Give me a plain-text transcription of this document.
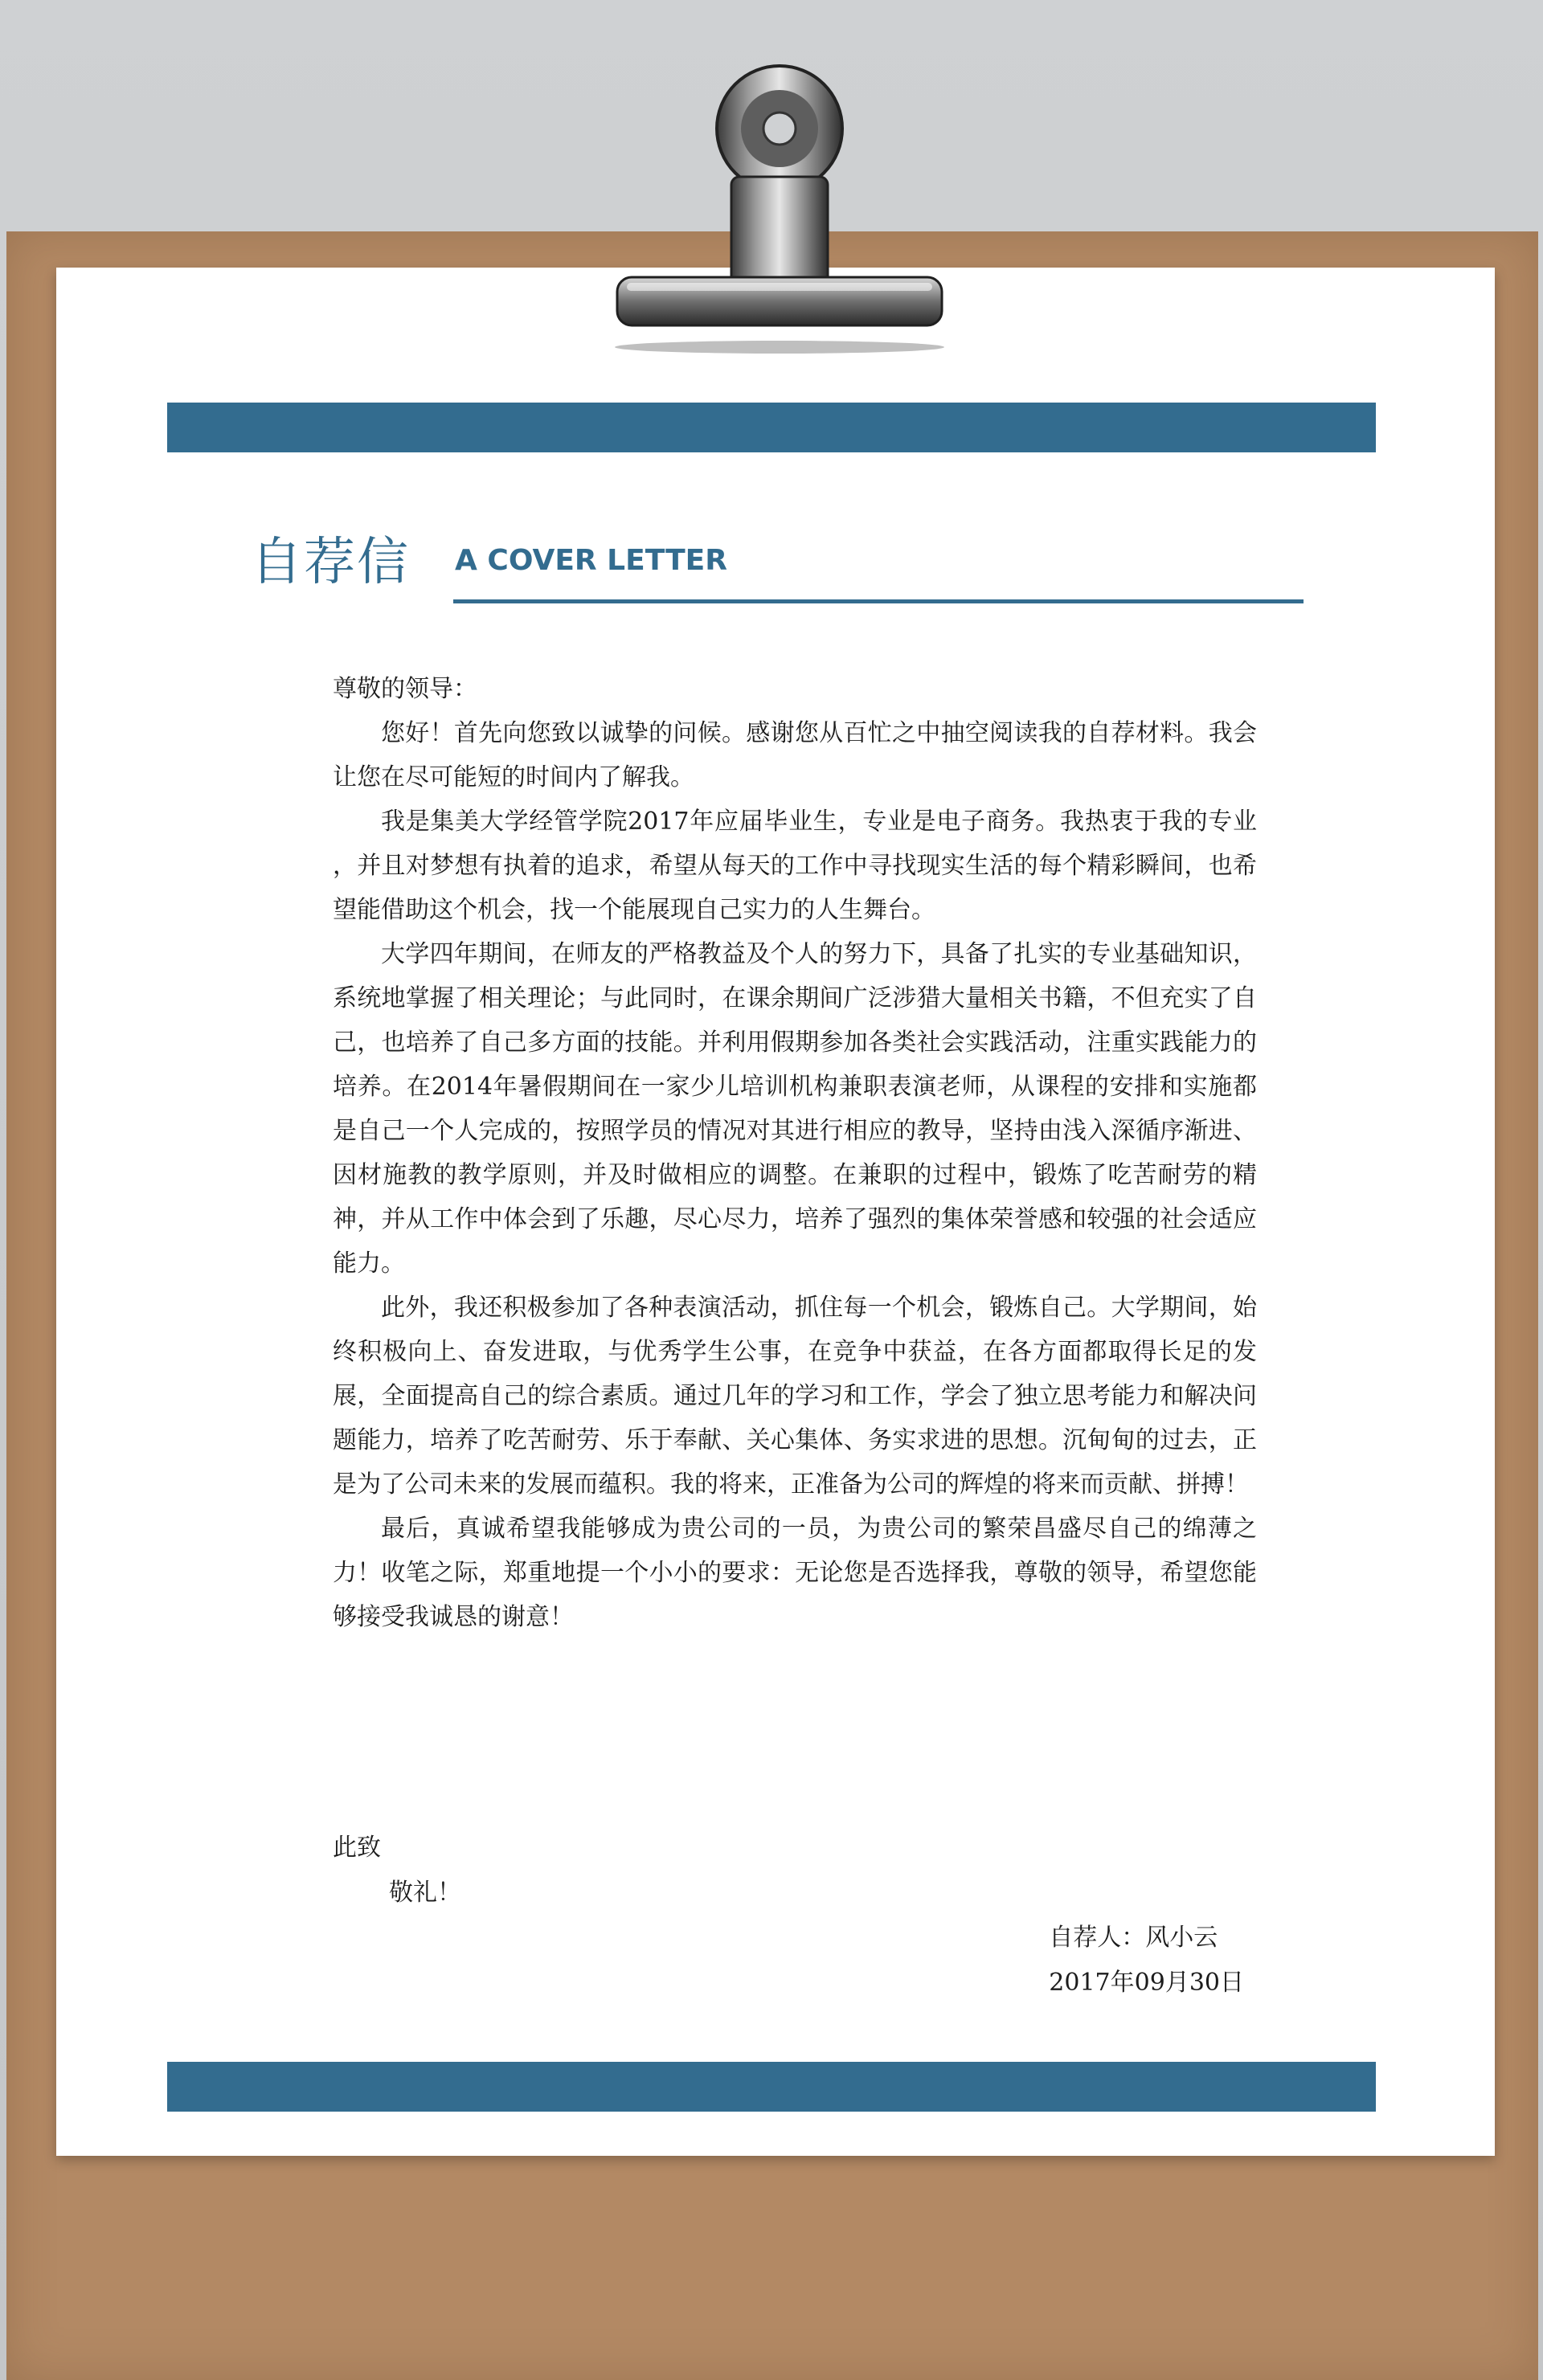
自荐信 A COVER LETTER
尊敬的领导：

您好！首先向您致以诚挚的问候。感谢您从百忙之中抽空阅读我的自荐材料。我会让您在尽可能短的时间内了解我。

我是集美大学经管学院2017年应届毕业生，专业是电子商务。我热衷于我的专业 ，并且对梦想有执着的追求，希望从每天的工作中寻找现实生活的每个精彩瞬间，也希望能借助这个机会，找一个能展现自己实力的人生舞台。

大学四年期间，在师友的严格教益及个人的努力下，具备了扎实的专业基础知识，系统地掌握了相关理论；与此同时，在课余期间广泛涉猎大量相关书籍，不但充实了自己，也培养了自己多方面的技能。并利用假期参加各类社会实践活动，注重实践能力的培养。在2014年暑假期间在一家少儿培训机构兼职表演老师，从课程的安排和实施都是自己一个人完成的，按照学员的情况对其进行相应的教导，坚持由浅入深循序渐进、因材施教的教学原则，并及时做相应的调整。在兼职的过程中，锻炼了吃苦耐劳的精神，并从工作中体会到了乐趣，尽心尽力，培养了强烈的集体荣誉感和较强的社会适应能力。

此外，我还积极参加了各种表演活动，抓住每一个机会，锻炼自己。大学期间，始终积极向上、奋发进取，与优秀学生公事，在竞争中获益，在各方面都取得长足的发展，全面提高自己的综合素质。通过几年的学习和工作，学会了独立思考能力和解决问题能力，培养了吃苦耐劳、乐于奉献、关心集体、务实求进的思想。沉甸甸的过去，正是为了公司未来的发展而蕴积。我的将来，正准备为公司的辉煌的将来而贡献、拼搏！

最后，真诚希望我能够成为贵公司的一员，为贵公司的繁荣昌盛尽自己的绵薄之力！收笔之际，郑重地提一个小小的要求：无论您是否选择我，尊敬的领导，希望您能够接受我诚恳的谢意！

此致
敬礼！
自荐人：风小云
2017年09月30日
